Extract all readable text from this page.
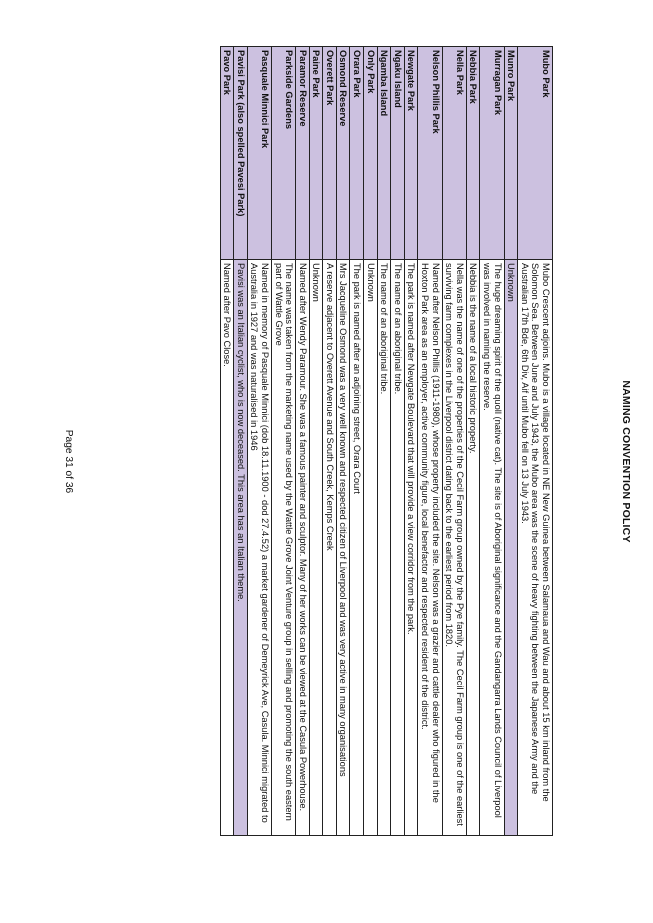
NAMING CONVENTION POLICY
Mubo Park	Mubo Crescent adjoins. Mubo is a village located in NE New Guinea between Salamaua and Wau and about 15 km inland from the Solomon Sea. Between June and July 1943, the Mubo area was the scene of heavy fighting between the Japanese Army and the Australian 17th Bde, 6th Div, Aif until Mubo fell on 13 July 1943.
Munro Park	Unknown
Murragan Park	The huge dreaming spirit of the quoll (native cat). The site is of Aboriginal significance and the Gandangarra Lands Council of Liverpool was involved in naming the reserve.
Nebbia Park	Nebbia is the name of a local historic property.
Nella Park	Nella was the name of one of the properties of the Cecil Farm group owned by the Pye family. The Cecil Farm group is one of the earliest surviving farm complexes in the Liverpool district dating back to the earliest period from 1820.
Nelson Phillis Park	Named after Nelson Phillis (1911-1980), whose property included the site. Nelson was a grazier and cattle dealer who figured in the Hoxton Park area as an employer, active community figure, local benefactor and respected resident of the district.
Newgate Park	The park is named after Newgate Boulevard that will provide a view corridor from the park.
Ngaku Island	The name of an aboriginal tribe.
Ngamba Island	The name of an aboriginal tribe.
Only Park	Unknown
Orara Park	The park is named after an adjoining street, Orara Court
Osmond Reserve	Mrs Jacqueline Osmond was a very well known and respected citizen of Liverpool and was very active in many organisations
Overett Park	A reserve adjacent to Overett Avenue and South Creek, Kemps Creek
Paine Park	Unknown
Paramor Reserve	Named after Wendy Paramour. She was a famous painter and sculptor. Many of her works can be viewed at the Casula Powerhouse.
Parkside Gardens	The name was taken from the marketing name used by the Wattle Grove Joint Venture group in selling and promoting the south eastern part of Wattle Grove
Pasquale Minnici Park	Named in memory of Pasquale Minnici (dob 18.11.1900 - dod 27.4.52) a market gardener of Demeyrick Ave, Casula. Minnici migrated to Australia in 1927 and was naturalised in 1946
Pavisi Park (also spelled Pavesi Park)	Pavisi was an Italian cyclist, who is now deceased. This area has an Italian theme.
Pavo Park	Named after Pavo Close.
Page 31 of 36
